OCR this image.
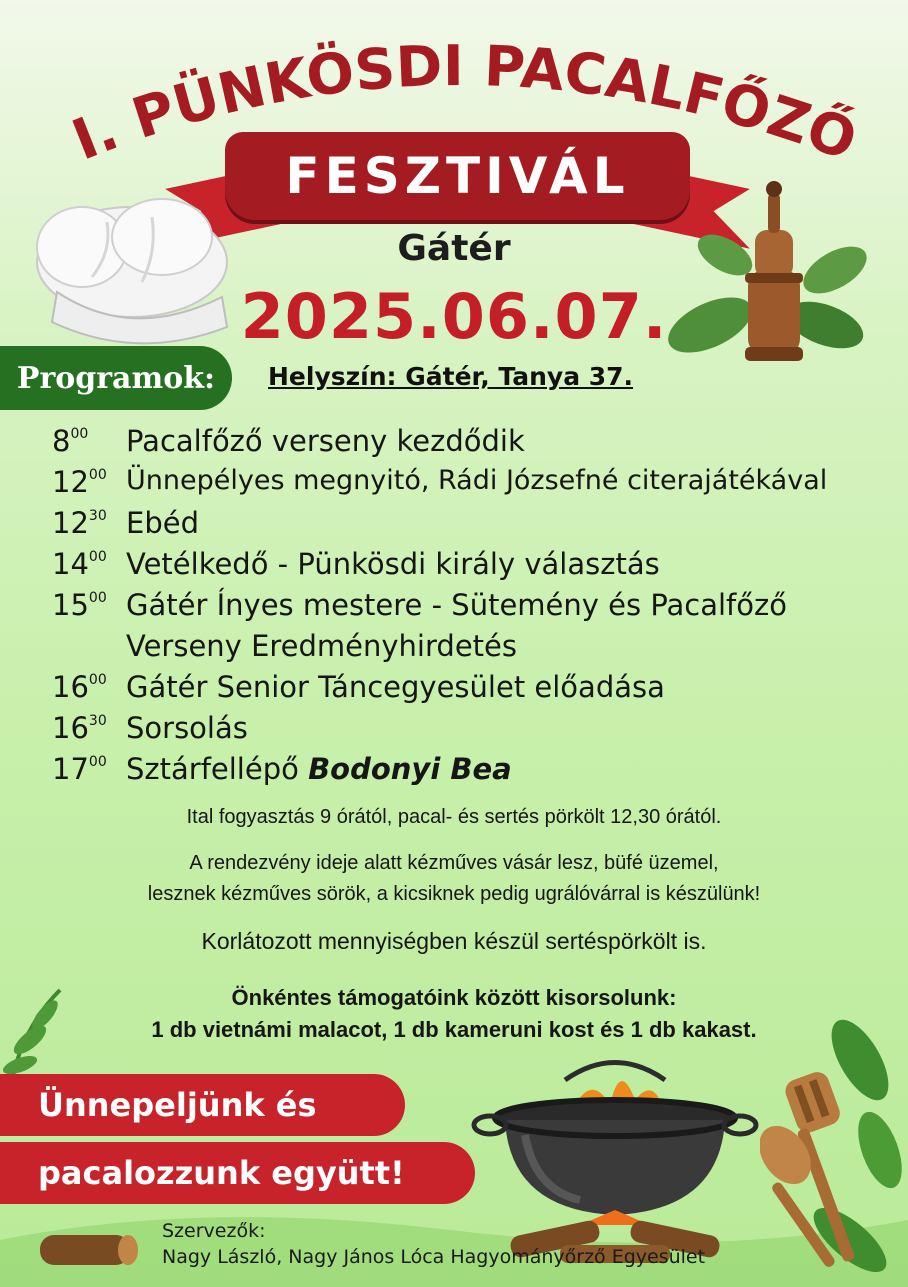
I. PÜNKÖSDI PACALFŐZŐ
FESZTIVÁL
Gátér
2025.06.07.
Programok:	Helyszín: Gátér, Tanya 37.
$8^{00}$	Pacalfőző verseny kezdődik
$12^{00}$ Ünnepélyes megnyitó, Rádi Józsefné citerajátékával
$12^{30}$ Ebéd
$14^{00}$ Vetélkedő - Pünkösdi király választás
$15^{00}$ Gátér Ínyes mestere - Sütemény és Pacalfőző
Verseny Eredményhirdetés
$16^{00}$ Gátér Senior Táncegyesület előadása
$16^{30}$ Sorsolás
$17^{00}$ Sztárfellépő Bodonyi Bea
Ital fogyasztás 9 órától, pacal- és sertés pörkölt 12,30 órától.
A rendezvény ideje alatt kézműves vásár lesz, büfé üzemel,
lesznek kézműves sörök, a kicsiknek pedig ugrálóvárral is készülünk!
Korlátozott mennyiségben készül sertéspörkölt is.
Önkéntes támogatóink között kisorsolunk:
1 db vietnámi malacot, 1 db kameruni kost és 1 db kakast.
Ünnepeljünk és
pacalozzunk együtt!
Szervezők:
Nagy László, Nagy János Lóca Hagyományőrző Egyesület
